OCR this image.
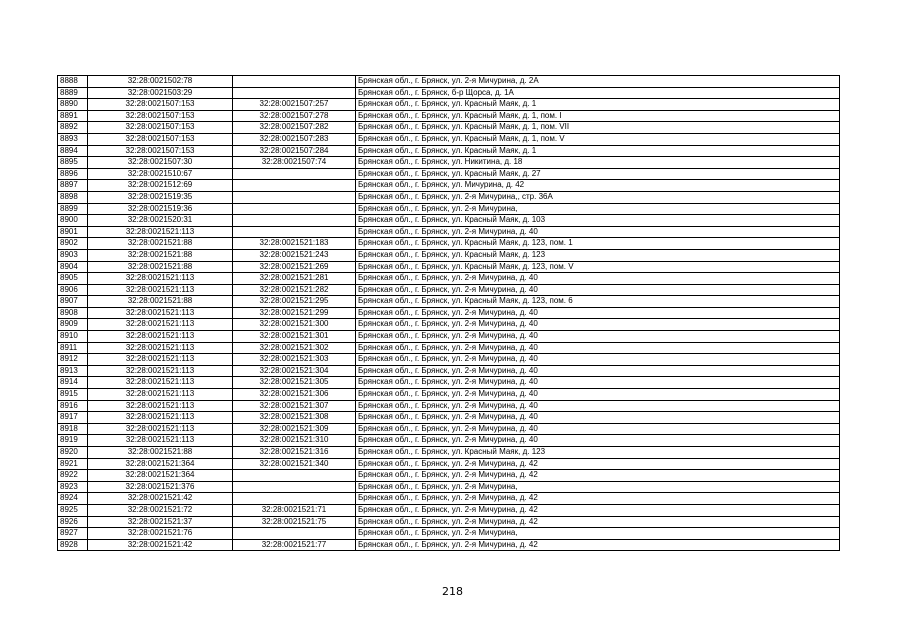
8888	32:28:0021502:78		Брянская обл., г. Брянск, ул. 2-я Мичурина, д. 2А
8889	32:28:0021503:29		Брянская обл., г. Брянск, б-р Щорса, д. 1А
8890	32:28:0021507:153	32:28:0021507:257	Брянская обл., г. Брянск, ул. Красный Маяк, д. 1
8891	32:28:0021507:153	32:28:0021507:278	Брянская обл., г. Брянск, ул. Красный Маяк, д. 1, пом. I
8892	32:28:0021507:153	32:28:0021507:282	Брянская обл., г. Брянск, ул. Красный Маяк, д. 1, пом. VII
8893	32:28:0021507:153	32:28:0021507:283	Брянская обл., г. Брянск, ул. Красный Маяк, д. 1, пом. V
8894	32:28:0021507:153	32:28:0021507:284	Брянская обл., г. Брянск, ул. Красный Маяк, д. 1
8895	32:28:0021507:30	32:28:0021507:74	Брянская обл., г. Брянск, ул. Никитина, д. 18
8896	32:28:0021510:67		Брянская обл., г. Брянск, ул. Красный Маяк, д. 27
8897	32:28:0021512:69		Брянская обл., г. Брянск, ул. Мичурина, д. 42
8898	32:28:0021519:35		Брянская обл., г. Брянск, ул. 2-я Мичурина,, стр. 36А
8899	32:28:0021519:36		Брянская обл., г. Брянск, ул. 2-я Мичурина,
8900	32:28:0021520:31		Брянская обл., г. Брянск, ул. Красный Маяк, д. 103
8901	32:28:0021521:113		Брянская обл., г. Брянск, ул. 2-я Мичурина, д. 40
8902	32:28:0021521:88	32:28:0021521:183	Брянская обл., г. Брянск, ул. Красный Маяк, д. 123, пом. 1
8903	32:28:0021521:88	32:28:0021521:243	Брянская обл., г. Брянск, ул. Красный Маяк, д. 123
8904	32:28:0021521:88	32:28:0021521:269	Брянская обл., г. Брянск, ул. Красный Маяк, д. 123, пом. V
8905	32:28:0021521:113	32:28:0021521:281	Брянская обл., г. Брянск, ул. 2-я Мичурина, д. 40
8906	32:28:0021521:113	32:28:0021521:282	Брянская обл., г. Брянск, ул. 2-я Мичурина, д. 40
8907	32:28:0021521:88	32:28:0021521:295	Брянская обл., г. Брянск, ул. Красный Маяк, д. 123, пом. 6
8908	32:28:0021521:113	32:28:0021521:299	Брянская обл., г. Брянск, ул. 2-я Мичурина, д. 40
8909	32:28:0021521:113	32:28:0021521:300	Брянская обл., г. Брянск, ул. 2-я Мичурина, д. 40
8910	32:28:0021521:113	32:28:0021521:301	Брянская обл., г. Брянск, ул. 2-я Мичурина, д. 40
8911	32:28:0021521:113	32:28:0021521:302	Брянская обл., г. Брянск, ул. 2-я Мичурина, д. 40
8912	32:28:0021521:113	32:28:0021521:303	Брянская обл., г. Брянск, ул. 2-я Мичурина, д. 40
8913	32:28:0021521:113	32:28:0021521:304	Брянская обл., г. Брянск, ул. 2-я Мичурина, д. 40
8914	32:28:0021521:113	32:28:0021521:305	Брянская обл., г. Брянск, ул. 2-я Мичурина, д. 40
8915	32:28:0021521:113	32:28:0021521:306	Брянская обл., г. Брянск, ул. 2-я Мичурина, д. 40
8916	32:28:0021521:113	32:28:0021521:307	Брянская обл., г. Брянск, ул. 2-я Мичурина, д. 40
8917	32:28:0021521:113	32:28:0021521:308	Брянская обл., г. Брянск, ул. 2-я Мичурина, д. 40
8918	32:28:0021521:113	32:28:0021521:309	Брянская обл., г. Брянск, ул. 2-я Мичурина, д. 40
8919	32:28:0021521:113	32:28:0021521:310	Брянская обл., г. Брянск, ул. 2-я Мичурина, д. 40
8920	32:28:0021521:88	32:28:0021521:316	Брянская обл., г. Брянск, ул. Красный Маяк, д. 123
8921	32:28:0021521:364	32:28:0021521:340	Брянская обл., г. Брянск, ул. 2-я Мичурина, д. 42
8922	32:28:0021521:364		Брянская обл., г. Брянск, ул. 2-я Мичурина, д. 42
8923	32:28:0021521:376		Брянская обл., г. Брянск, ул. 2-я Мичурина,
8924	32:28:0021521:42		Брянская обл., г. Брянск, ул. 2-я Мичурина, д. 42
8925	32:28:0021521:72	32:28:0021521:71	Брянская обл., г. Брянск, ул. 2-я Мичурина, д. 42
8926	32:28:0021521:37	32:28:0021521:75	Брянская обл., г. Брянск, ул. 2-я Мичурина, д. 42
8927	32:28:0021521:76		Брянская обл., г. Брянск, ул. 2-я Мичурина,
8928	32:28:0021521:42	32:28:0021521:77	Брянская обл., г. Брянск, ул. 2-я Мичурина, д. 42
218
